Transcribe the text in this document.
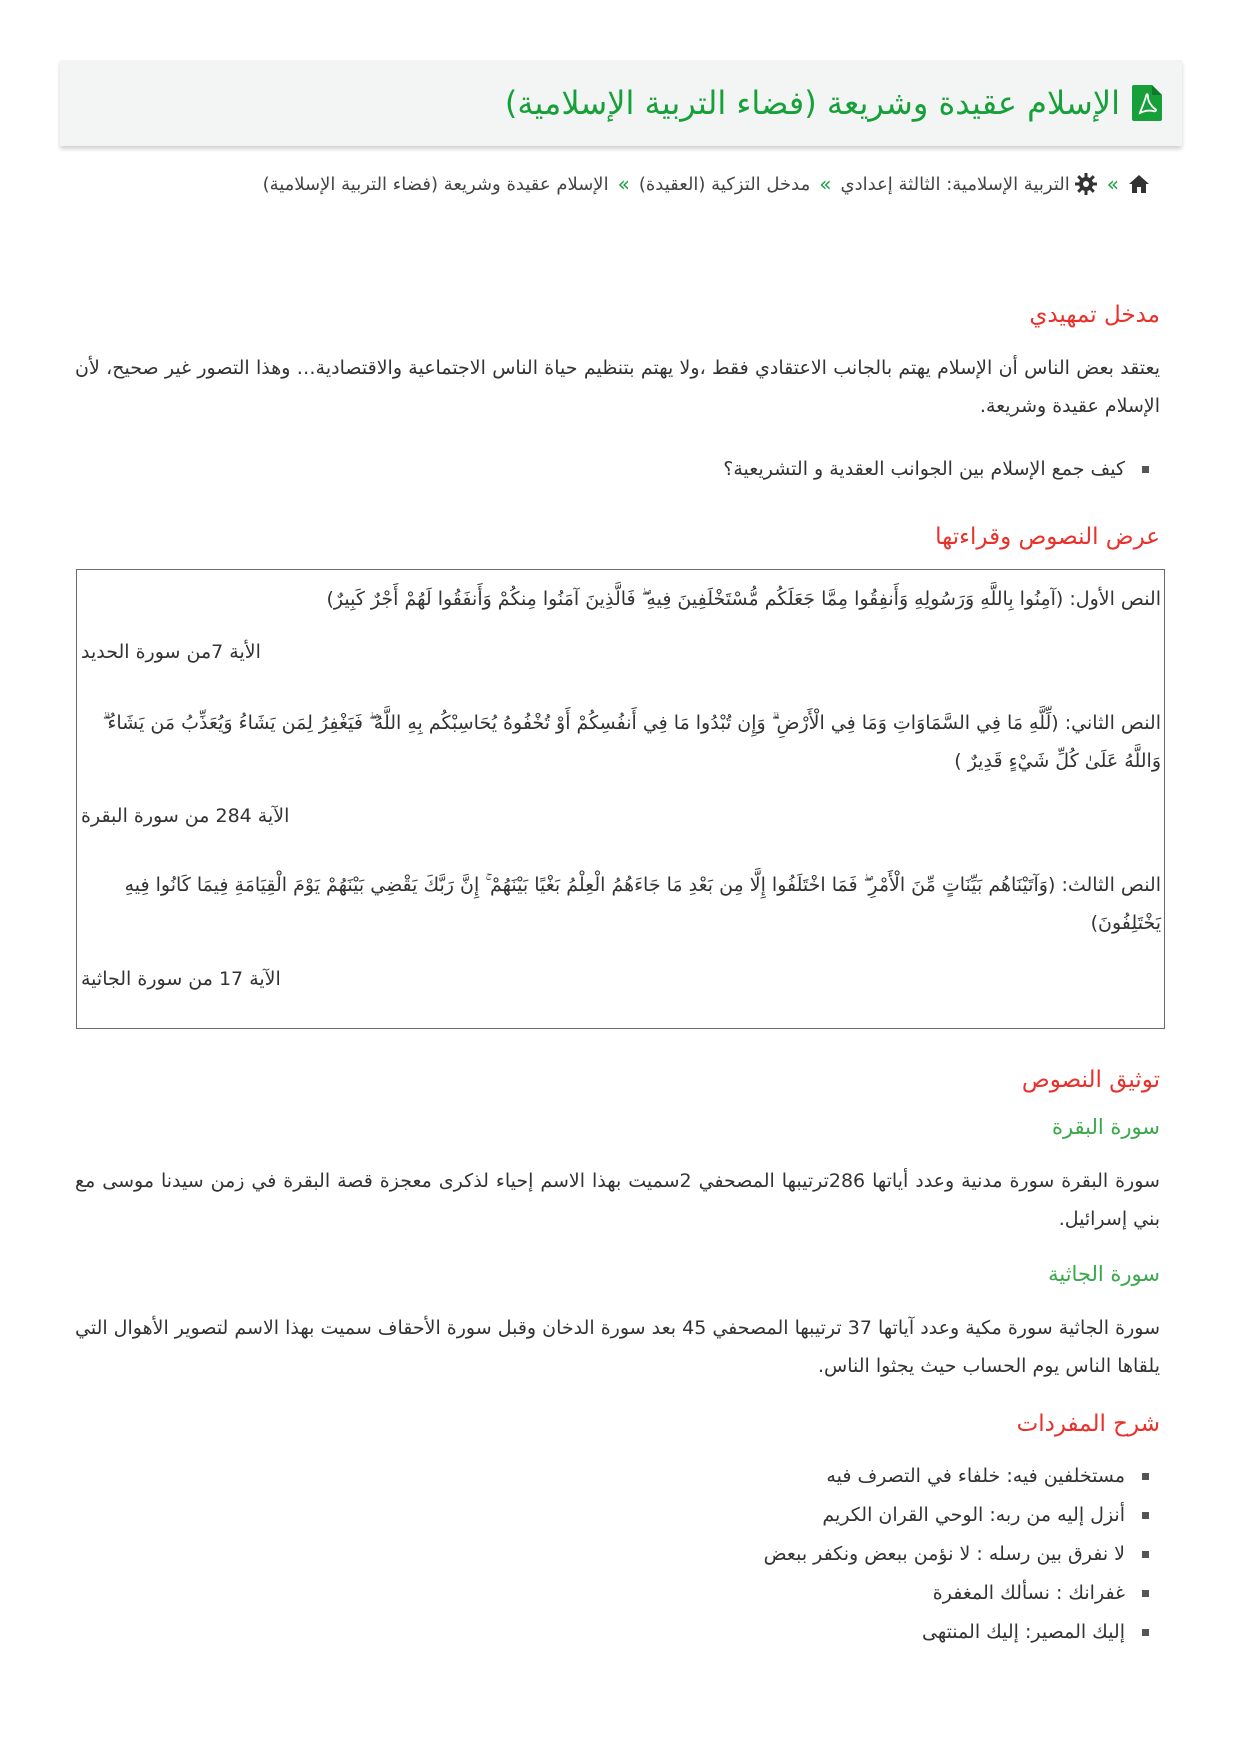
الإسلام عقيدة وشريعة (فضاء التربية الإسلامية)
»
التربية الإسلامية: الثالثة إعدادي
»
مدخل التزكية (العقيدة)
»
الإسلام عقيدة وشريعة (فضاء التربية الإسلامية)
مدخل تمهيدي

يعتقد بعض الناس أن الإسلام يهتم بالجانب الاعتقادي فقط ،ولا يهتم بتنظيم حياة الناس الاجتماعية والاقتصادية… وهذا التصور غير صحيح، لأن الإسلام عقيدة وشريعة.

كيف جمع الإسلام بين الجوانب العقدية و التشريعية؟
عرض النصوص وقراءتها
النص الأول: (آمِنُوا بِاللَّهِ وَرَسُولِهِ وَأَنفِقُوا مِمَّا جَعَلَكُم مُّسْتَخْلَفِينَ فِيهِ ۖ فَالَّذِينَ آمَنُوا مِنكُمْ وَأَنفَقُوا لَهُمْ أَجْرٌ كَبِيرٌ)
الأية 7من سورة الحديد
النص الثاني: (لِّلَّهِ مَا فِي السَّمَاوَاتِ وَمَا فِي الْأَرْضِ ۗ وَإِن تُبْدُوا مَا فِي أَنفُسِكُمْ أَوْ تُخْفُوهُ يُحَاسِبْكُم بِهِ اللَّهُ ۖ فَيَغْفِرُ لِمَن يَشَاءُ وَيُعَذِّبُ مَن يَشَاءُ ۗ وَاللَّهُ عَلَىٰ كُلِّ شَيْءٍ قَدِيرٌ )
الآية 284 من سورة البقرة
النص الثالث: (وَآتَيْنَاهُم بَيِّنَاتٍ مِّنَ الْأَمْرِ ۖ فَمَا اخْتَلَفُوا إِلَّا مِن بَعْدِ مَا جَاءَهُمُ الْعِلْمُ بَغْيًا بَيْنَهُمْ ۚ إِنَّ رَبَّكَ يَقْضِي بَيْنَهُمْ يَوْمَ الْقِيَامَةِ فِيمَا كَانُوا فِيهِ يَخْتَلِفُونَ)
الآية 17 من سورة الجاثية
توثيق النصوص
سورة البقرة

سورة البقرة سورة مدنية وعدد أياتها 286ترتيبها المصحفي 2سميت بهذا الاسم إحياء لذكرى معجزة قصة البقرة في زمن سيدنا موسى مع بني إسرائيل.

سورة الجاثية

سورة الجاثية سورة مكية وعدد آياتها 37 ترتيبها المصحفي 45 بعد سورة الدخان وقبل سورة الأحقاف سميت بهذا الاسم لتصوير الأهوال التي يلقاها الناس يوم الحساب حيث يجثوا الناس.

شرح المفردات
مستخلفين فيه: خلفاء في التصرف فيه
أنزل إليه من ربه: الوحي القران الكريم
لا نفرق بين رسله : لا نؤمن ببعض ونكفر ببعض
غفرانك : نسألك المغفرة
إليك المصير: إليك المنتهى
